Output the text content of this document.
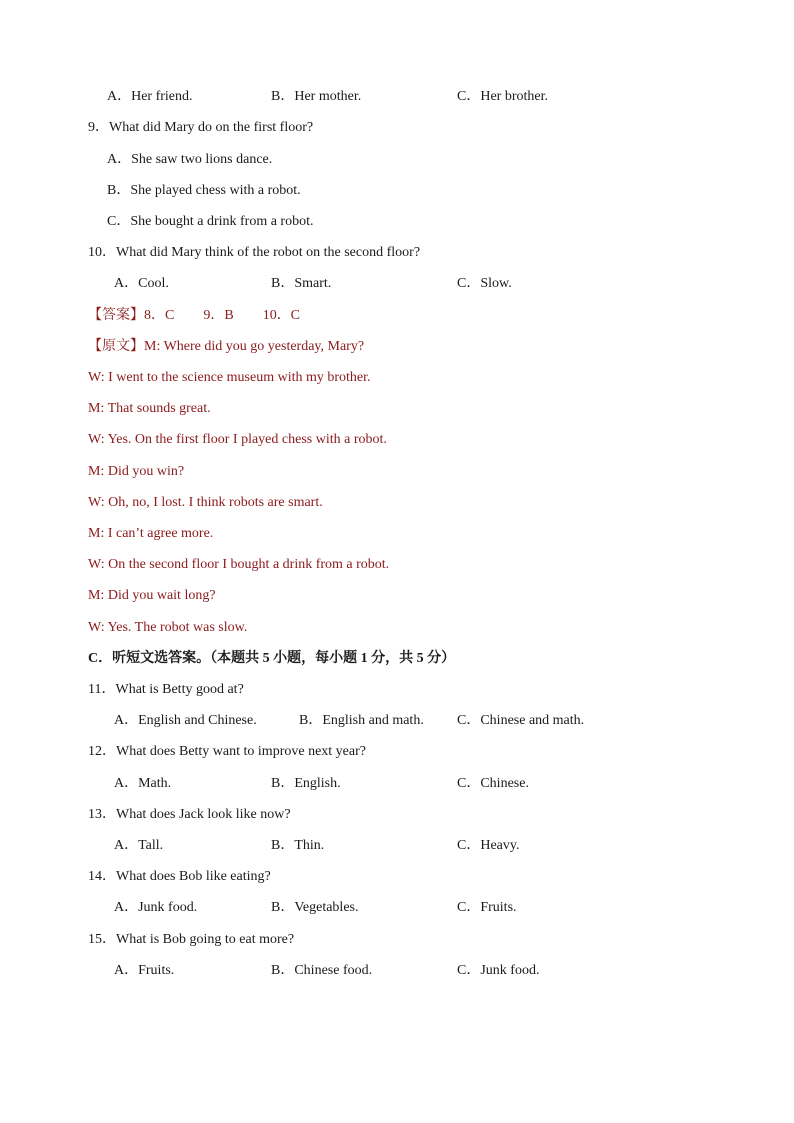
A．Her friend.	B．Her mother.	C．Her brother.
9．What did Mary do on the first floor?
A．She saw two lions dance.
B．She played chess with a robot.
C．She bought a drink from a robot.
10．What did Mary think of the robot on the second floor?
A．Cool.	B．Smart.	C．Slow.
【答案】8．C 9．B 10．C
【原文】M: Where did you go yesterday, Mary?
W: I went to the science museum with my brother.
M: That sounds great.
W: Yes. On the first floor I played chess with a robot.
M: Did you win?
W: Oh, no, I lost. I think robots are smart.
M: I can’t agree more.
W: On the second floor I bought a drink from a robot.
M: Did you wait long?
W: Yes. The robot was slow.
C．听短文选答案。（本题共 5 小题，每小题 1 分，共 5 分）
11．What is Betty good at?
A．English and Chinese.	B．English and math. C．Chinese and math.
12．What does Betty want to improve next year?
A．Math.	B．English.	C．Chinese.
13．What does Jack look like now?
A．Tall.	B．Thin.	C．Heavy.
14．What does Bob like eating?
A．Junk food.	B．Vegetables.	C．Fruits.
15．What is Bob going to eat more?
A．Fruits.	B．Chinese food.	C．Junk food.
